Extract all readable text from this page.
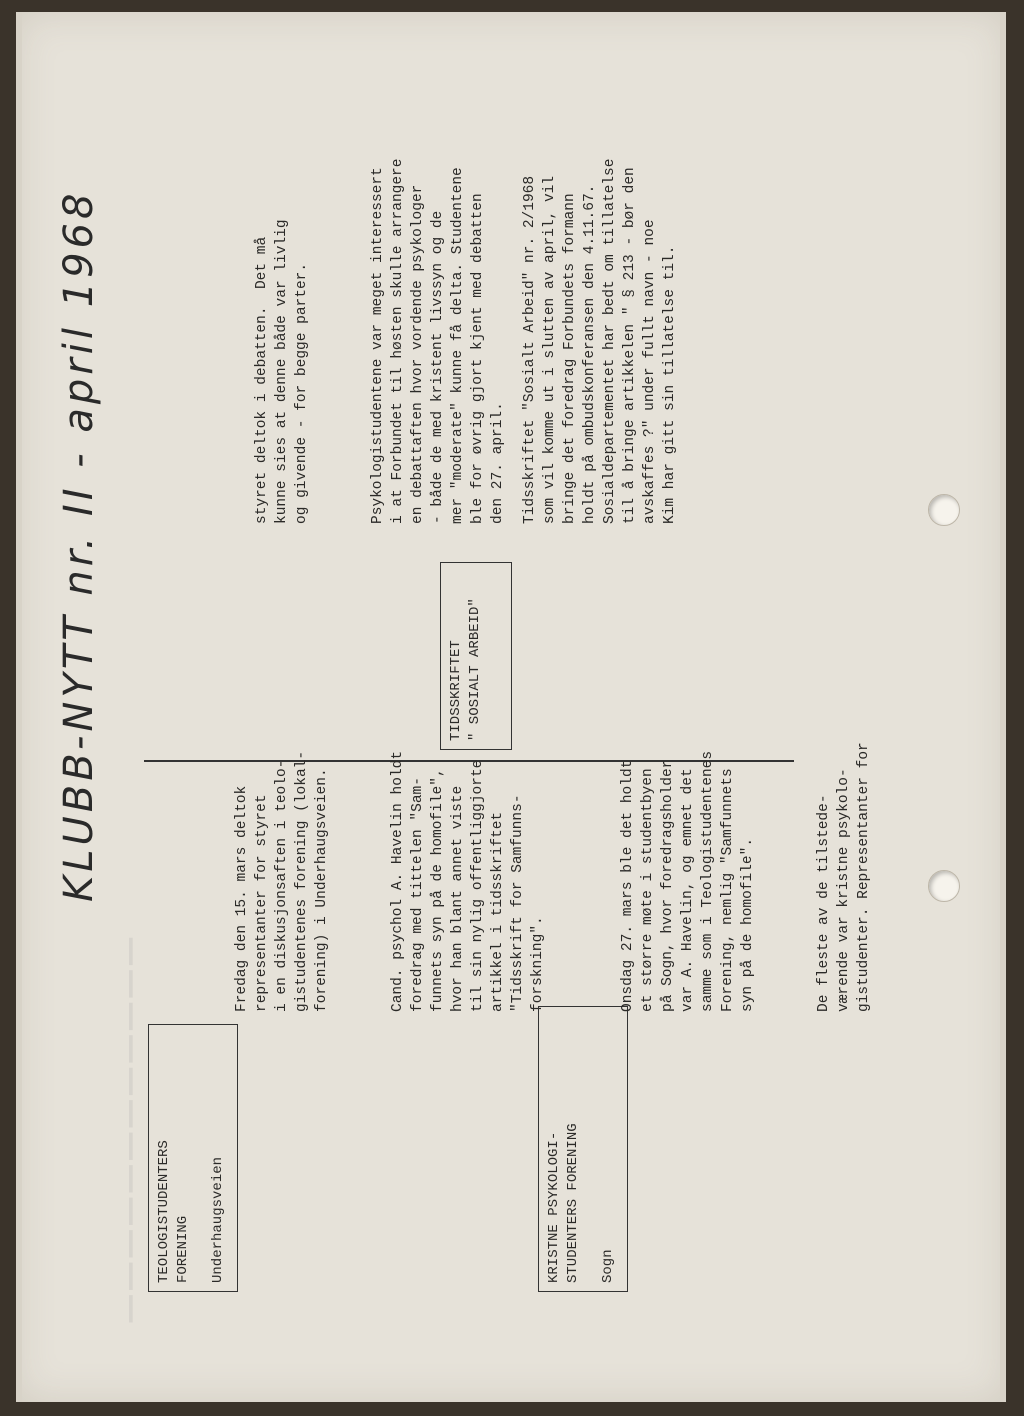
────────────
KLUBB-NYTT nr. II - april 1968
TEOLOGISTUDENTERS FORENING Underhaugsveien

Fredag den 15. mars deltok
representanter for styret
i en diskusjonsaften i teolo-
gistudentenes forening (lokal-
forening) i Underhaugsveien.

Cand. psychol A. Havelin holdt
foredrag med tittelen "Sam-
funnets syn på de homofile",
hvor han blant annet viste
til sin nylig offentliggjorte
artikkel i tidsskriftet
"Tidsskrift for Samfunns-
forskning".

KRISTNE PSYKOLOGI- STUDENTERS FORENING Sogn

Onsdag 27. mars ble det holdt
et større møte i studentbyen
på Sogn, hvor foredragsholder
var A. Havelin, og emnet det
samme som i Teologistudentenes
Forening, nemlig "Samfunnets
syn på de homofile".

De fleste av de tilstede-
værende var kristne psykolo-
gistudenter. Representanter for

styret deltok i debatten.  Det må
kunne sies at denne både var livlig
og givende - for begge parter.

Psykologistudentene var meget interessert
i at Forbundet til høsten skulle arrangere
en debattaften hvor vordende psykologer
- både de med kristent livssyn og de
mer "moderate" kunne få delta. Studentene
ble for øvrig gjort kjent med debatten
den 27. april.

TIDSSKRIFTET " SOSIALT ARBEID"

Tidsskriftet "Sosialt Arbeid" nr. 2/1968
som vil komme ut i slutten av april, vil
bringe det foredrag Forbundets formann
holdt på ombudskonferansen den 4.11.67.
Sosialdepartementet har bedt om tillatelse
til å bringe artikkelen " § 213 - bør den
avskaffes ?" under fullt navn - noe
Kim har gitt sin tillatelse til.
